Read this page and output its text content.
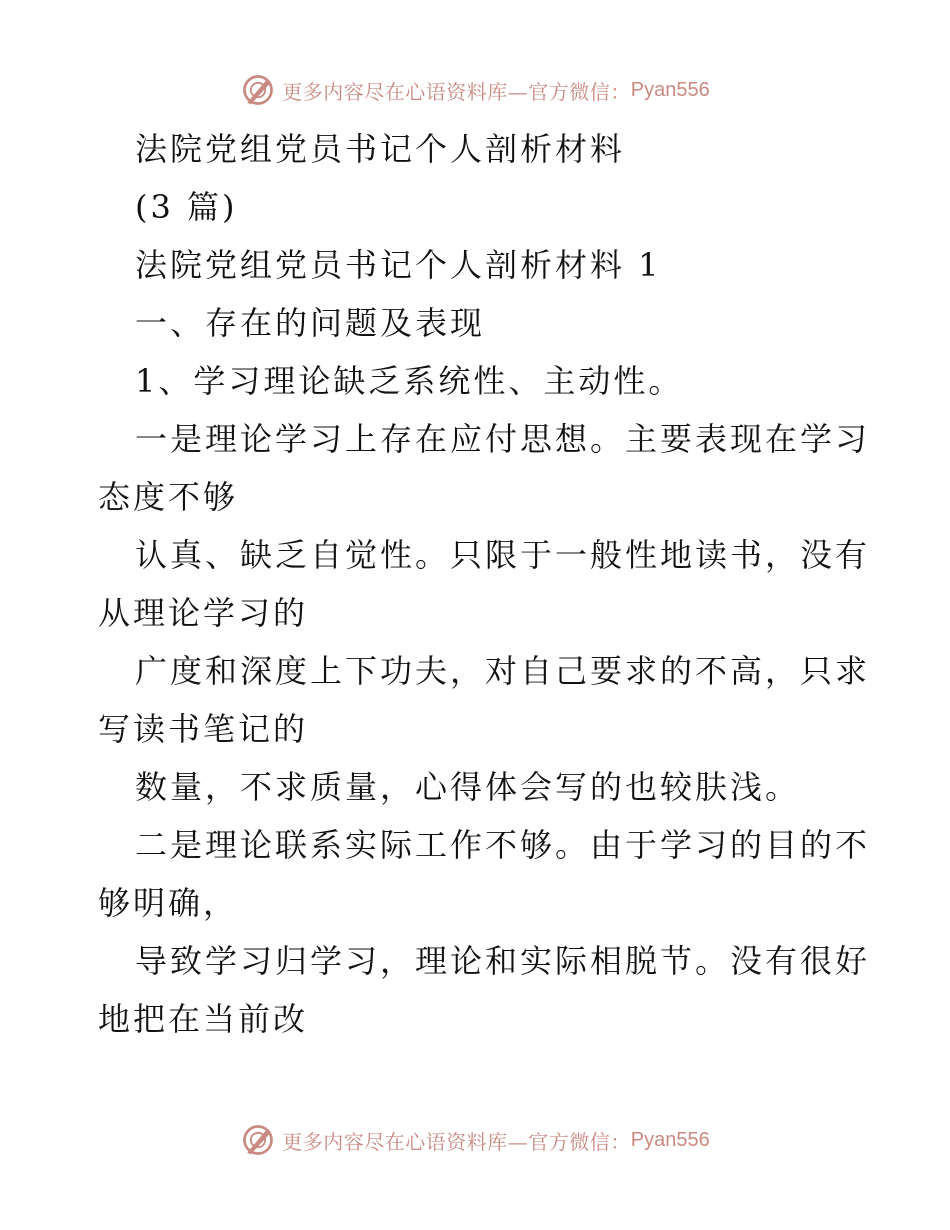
更多内容尽在心语资料库—官方微信： Pyan556
法院党组党员书记个人剖析材料
(3 篇)
法院党组党员书记个人剖析材料 1
一、存在的问题及表现
1、学习理论缺乏系统性、主动性。
一是理论学习上存在应付思想。主要表现在学习
态度不够
认真、缺乏自觉性。只限于一般性地读书，没有
从理论学习的
广度和深度上下功夫，对自己要求的不高，只求
写读书笔记的
数量，不求质量，心得体会写的也较肤浅。
二是理论联系实际工作不够。由于学习的目的不
够明确，
导致学习归学习，理论和实际相脱节。没有很好
地把在当前改
更多内容尽在心语资料库—官方微信： Pyan556
